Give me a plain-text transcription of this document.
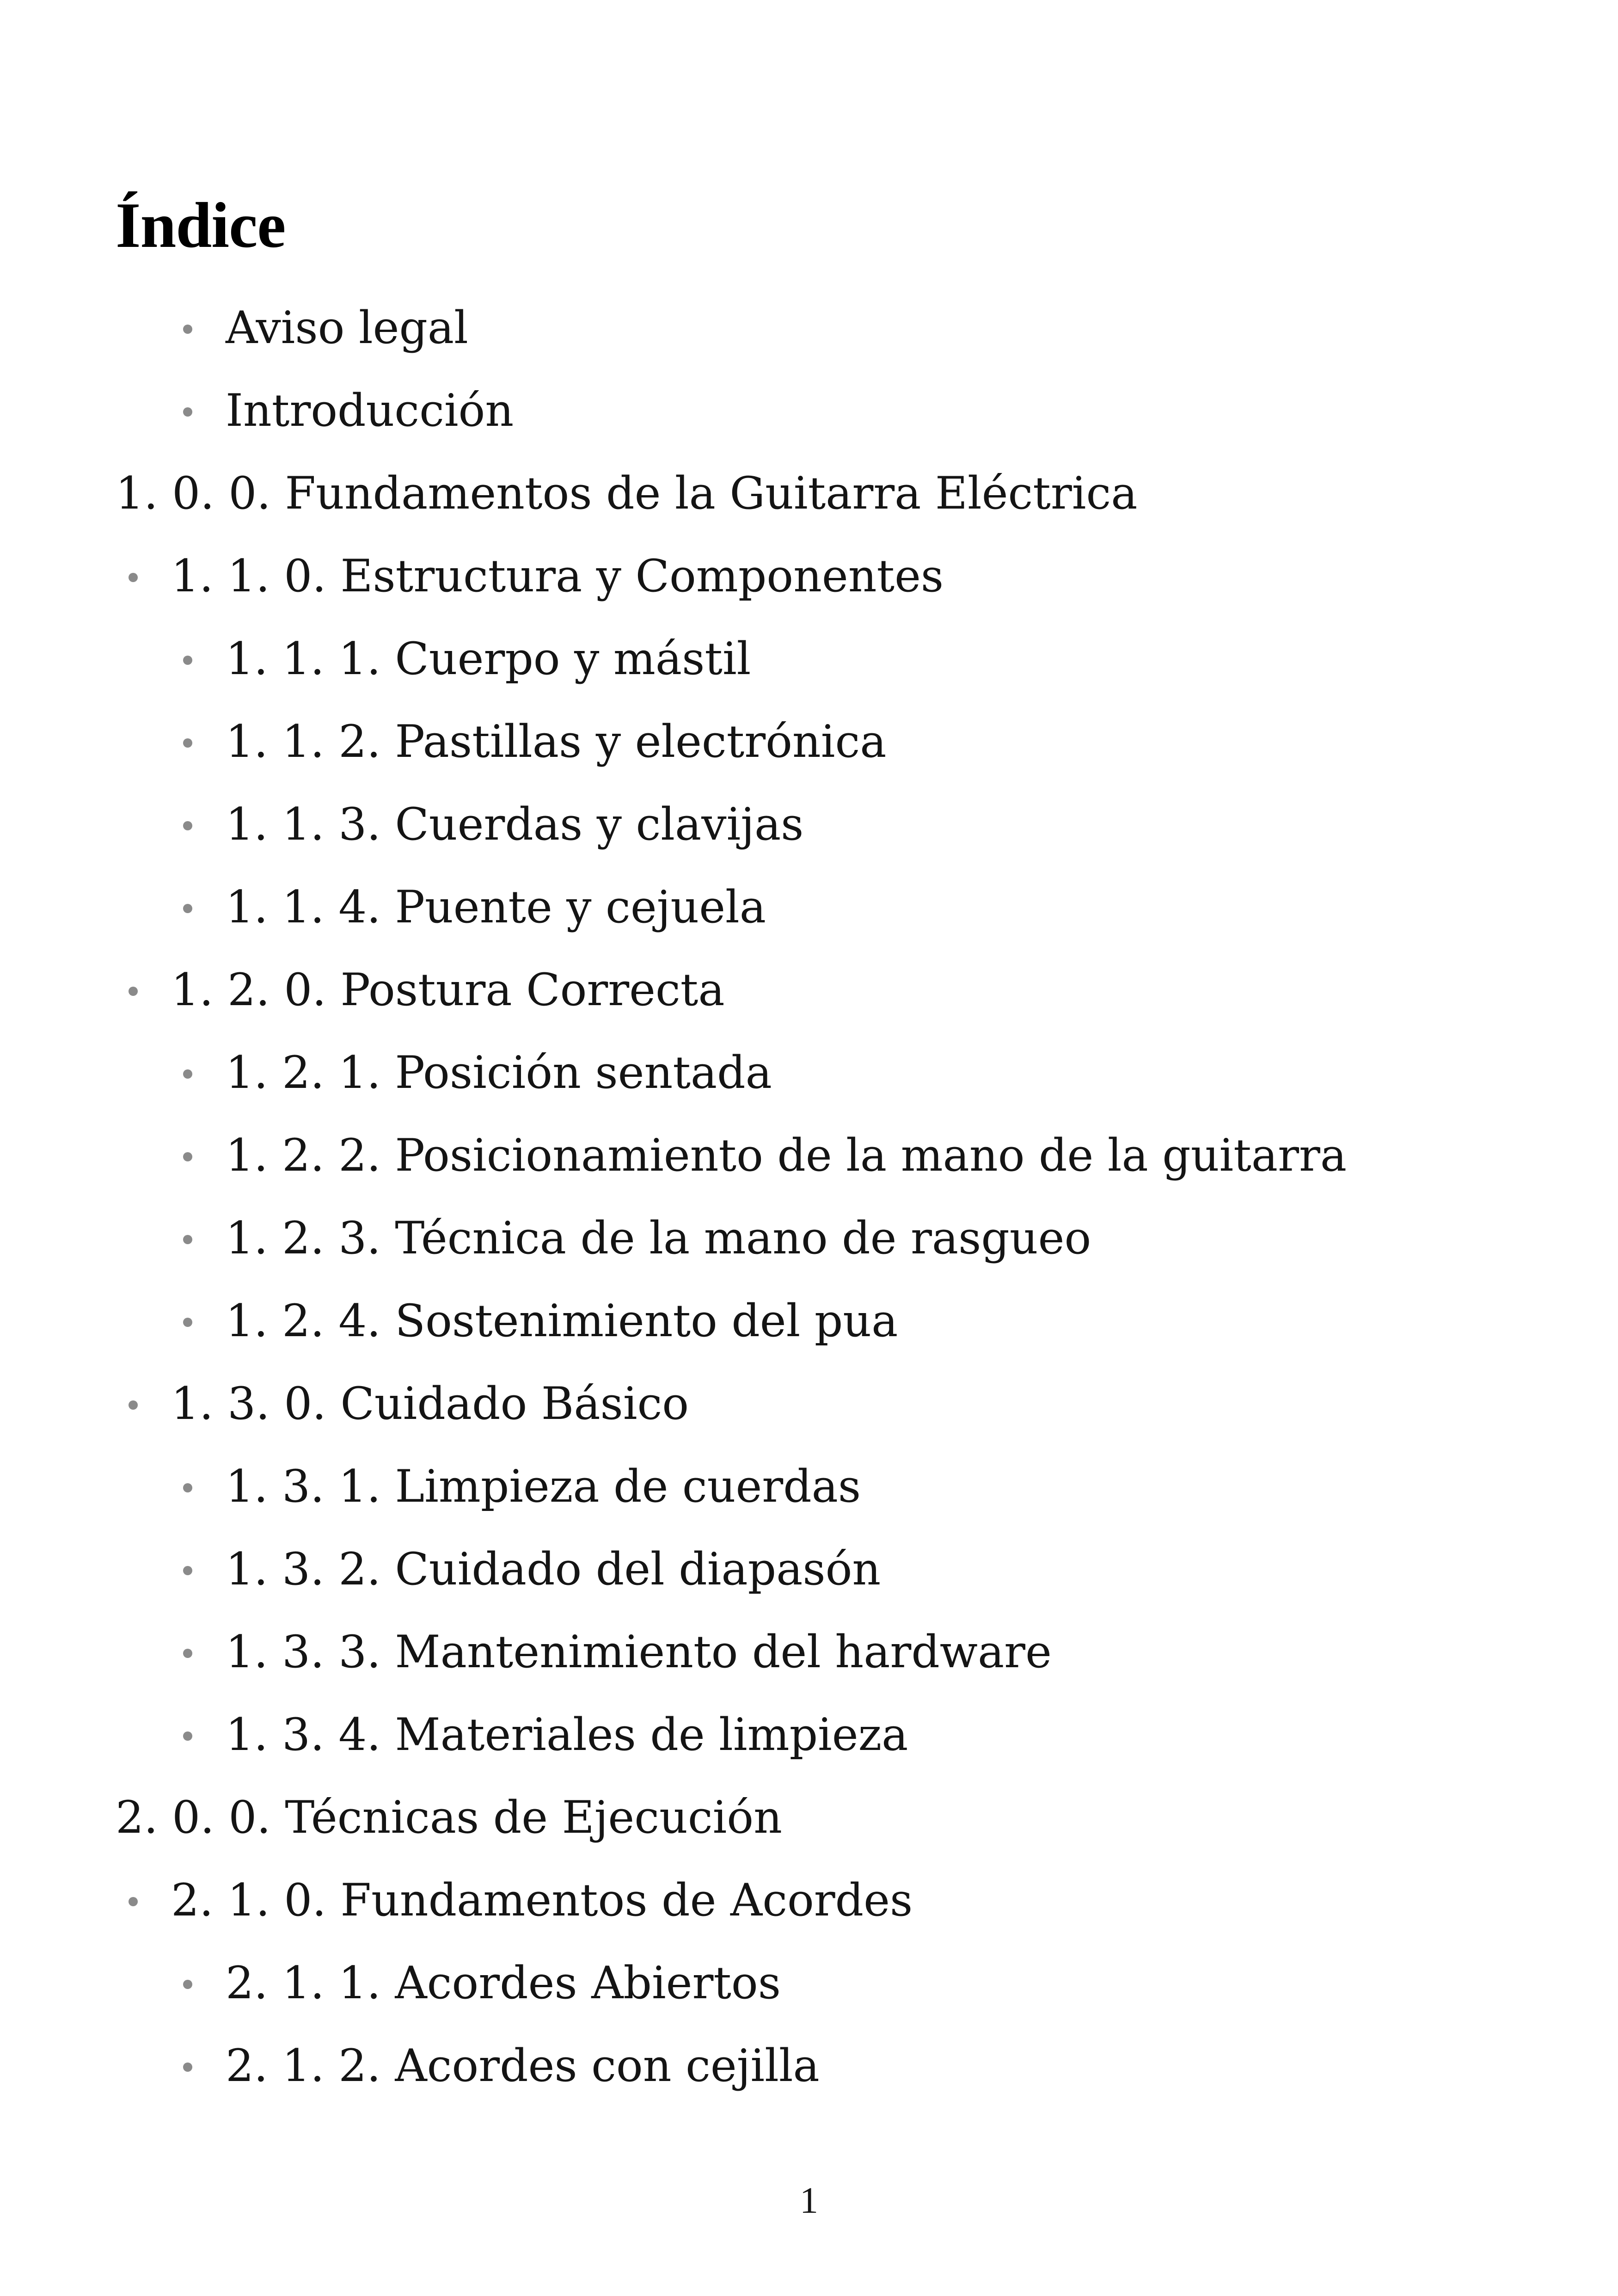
Índice
Aviso legal
Introducción
1. 0. 0. Fundamentos de la Guitarra Eléctrica
1. 1. 0. Estructura y Componentes
1. 1. 1. Cuerpo y mástil
1. 1. 2. Pastillas y electrónica
1. 1. 3. Cuerdas y clavijas
1. 1. 4. Puente y cejuela
1. 2. 0. Postura Correcta
1. 2. 1. Posición sentada
1. 2. 2. Posicionamiento de la mano de la guitarra
1. 2. 3. Técnica de la mano de rasgueo
1. 2. 4. Sostenimiento del pua
1. 3. 0. Cuidado Básico
1. 3. 1. Limpieza de cuerdas
1. 3. 2. Cuidado del diapasón
1. 3. 3. Mantenimiento del hardware
1. 3. 4. Materiales de limpieza
2. 0. 0. Técnicas de Ejecución
2. 1. 0. Fundamentos de Acordes
2. 1. 1. Acordes Abiertos
2. 1. 2. Acordes con cejilla
1
